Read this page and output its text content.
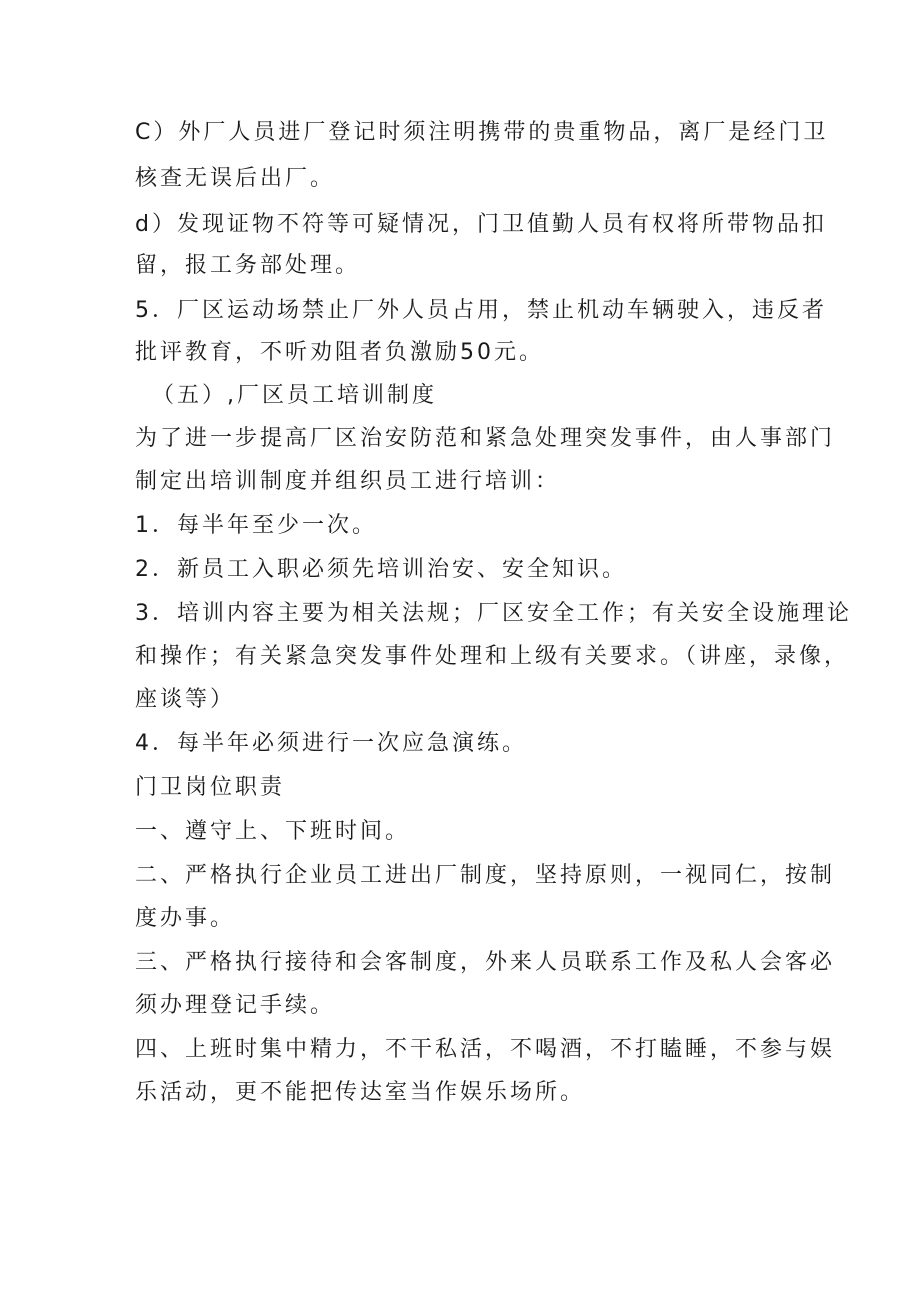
C）外厂人员进厂登记时须注明携带的贵重物品，离厂是经门卫
核查无误后出厂。
d）发现证物不符等可疑情况，门卫值勤人员有权将所带物品扣
留，报工务部处理。
5．厂区运动场禁止厂外人员占用，禁止机动车辆驶入，违反者
批评教育，不听劝阻者负激励50元。
（五）,厂区员工培训制度
为了进一步提高厂区治安防范和紧急处理突发事件，由人事部门
制定出培训制度并组织员工进行培训：
1．每半年至少一次。
2．新员工入职必须先培训治安、安全知识。
3．培训内容主要为相关法规；厂区安全工作；有关安全设施理论
和操作；有关紧急突发事件处理和上级有关要求。（讲座，录像，
座谈等）
4．每半年必须进行一次应急演练。
门卫岗位职责
一、遵守上、下班时间。
二、严格执行企业员工进出厂制度，坚持原则，一视同仁，按制
度办事。
三、严格执行接待和会客制度，外来人员联系工作及私人会客必
须办理登记手续。
四、上班时集中精力，不干私活，不喝酒，不打瞌睡，不参与娱
乐活动，更不能把传达室当作娱乐场所。
